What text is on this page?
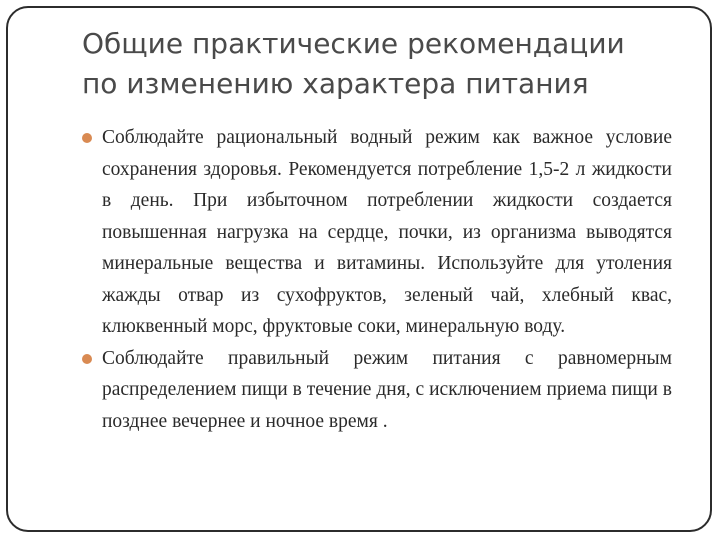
Общие практические рекомендации
по изменению характера питания
Соблюдайте рациональный водный режим как важное условие сохранения здоровья. Рекомендуется потребление 1,5-2 л жидкости в день. При избыточном потреблении жидкости создается повышенная нагрузка на сердце, почки, из организма выводятся минеральные вещества и витамины. Используйте для утоления жажды отвар из сухофруктов, зеленый чай, хлебный квас, клюквенный морс, фруктовые соки, минеральную воду.
Соблюдайте правильный режим питания с равномерным распределением пищи в течение дня, с исключением приема пищи в позднее вечернее и ночное время .
